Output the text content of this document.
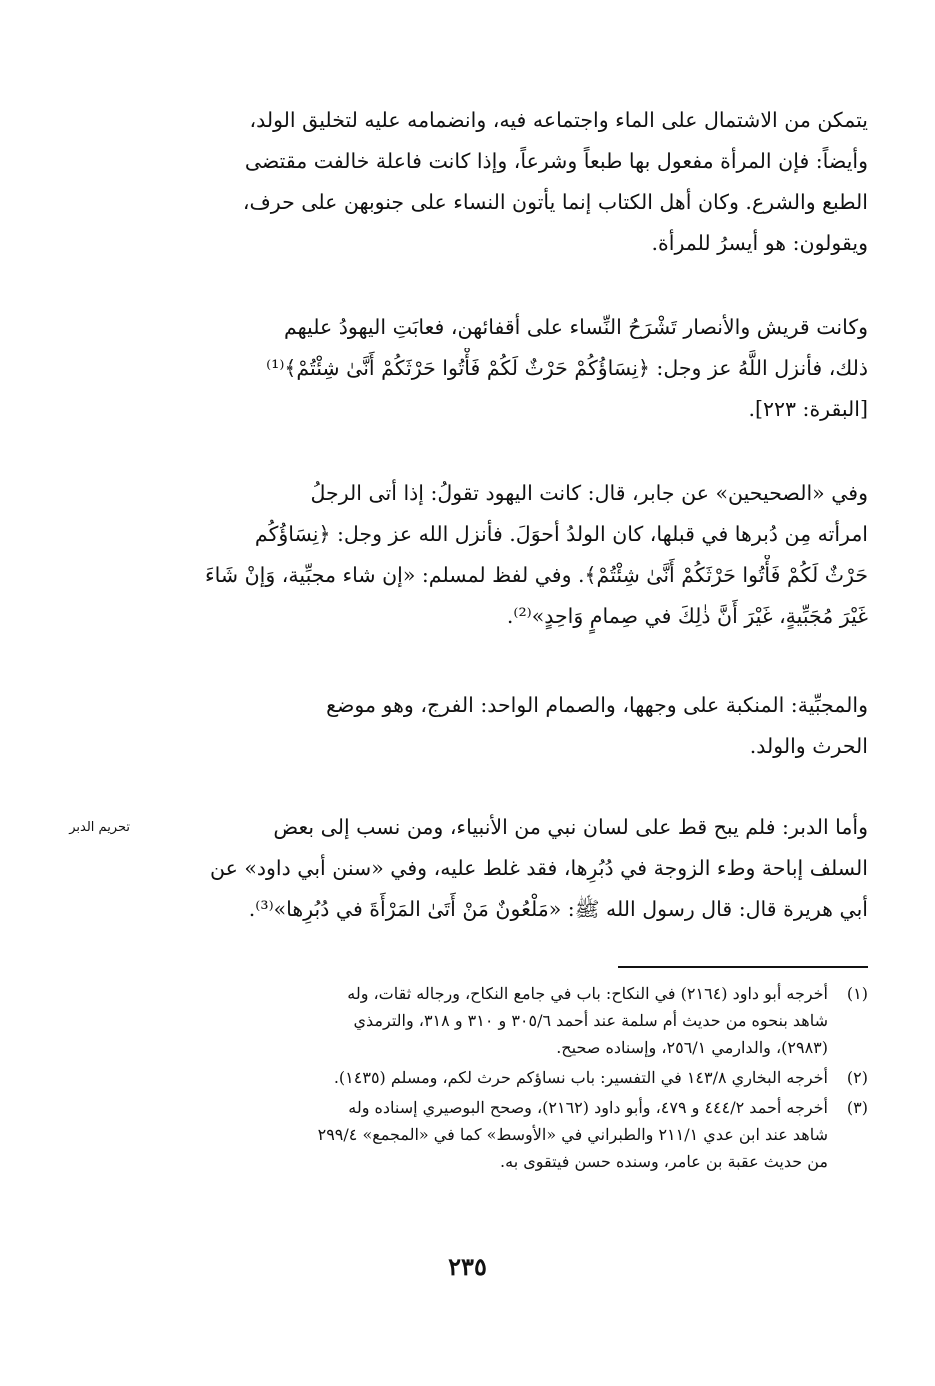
يتمكن من الاشتمال على الماء واجتماعه فيه، وانضمامه عليه لتخليق الولد،
وأيضاً: فإن المرأة مفعول بها طبعاً وشرعاً، وإذا كانت فاعلة خالفت مقتضى
الطبع والشرع. وكان أهل الكتاب إنما يأتون النساء على جنوبهن على حرف،
ويقولون: هو أيسرُ للمرأة.
وكانت قريش والأنصار تَشْرَحُ النِّساء على أقفائهن، فعابَتِ اليهودُ عليهم
ذلك، فأنزل اللَّهُ عز وجل: ﴿نِسَاؤُكُمْ حَرْثٌ لَكُمْ فَأْتُوا حَرْثَكُمْ أَنَّىٰ شِئْتُمْ﴾⁽¹⁾
[البقرة: ٢٢٣].
وفي «الصحيحين» عن جابر، قال: كانت اليهود تقولُ: إذا أتى الرجلُ
امرأته مِن دُبرها في قبلها، كان الولدُ أحوَلَ. فأنزل الله عز وجل: ﴿نِسَاؤُكُم
حَرْثٌ لَكُمْ فَأْتُوا حَرْثَكُمْ أَنَّىٰ شِئْتُمْ﴾. وفي لفظ لمسلم: «إن شاء مجبِّية، وَإنْ شَاءَ
غَيْرَ مُجَبِّيةٍ، غَيْرَ أَنَّ ذٰلِكَ في صِمامٍ وَاحِدٍ»⁽²⁾.
والمجبِّية: المنكبة على وجهها، والصمام الواحد: الفرج، وهو موضع
الحرث والولد.
وأما الدبر: فلم يبح قط على لسان نبي من الأنبياء، ومن نسب إلى بعض
السلف إباحة وطء الزوجة في دُبُرِها، فقد غلط عليه، وفي «سنن أبي داود» عن
أبي هريرة قال: قال رسول الله ﷺ: «مَلْعُونٌ مَنْ أَتَىٰ المَرْأَةَ في دُبُرِها»⁽³⁾.
تحريم الدبر
(١)
أخرجه أبو داود (٢١٦٤) في النكاح: باب في جامع النكاح، ورجاله ثقات، وله
شاهد بنحوه من حديث أم سلمة عند أحمد ٣٠٥/٦ و ٣١٠ و ٣١٨، والترمذي
(٢٩٨٣)، والدارمي ٢٥٦/١، وإسناده صحيح.
(٢)
أخرجه البخاري ١٤٣/٨ في التفسير: باب نساؤكم حرث لكم، ومسلم (١٤٣٥).
(٣)
أخرجه أحمد ٤٤٤/٢ و ٤٧٩، وأبو داود (٢١٦٢)، وصحح البوصيري إسناده وله
شاهد عند ابن عدي ٢١١/١ والطبراني في «الأوسط» كما في «المجمع» ٢٩٩/٤
من حديث عقبة بن عامر، وسنده حسن فيتقوى به.
٢٣٥
